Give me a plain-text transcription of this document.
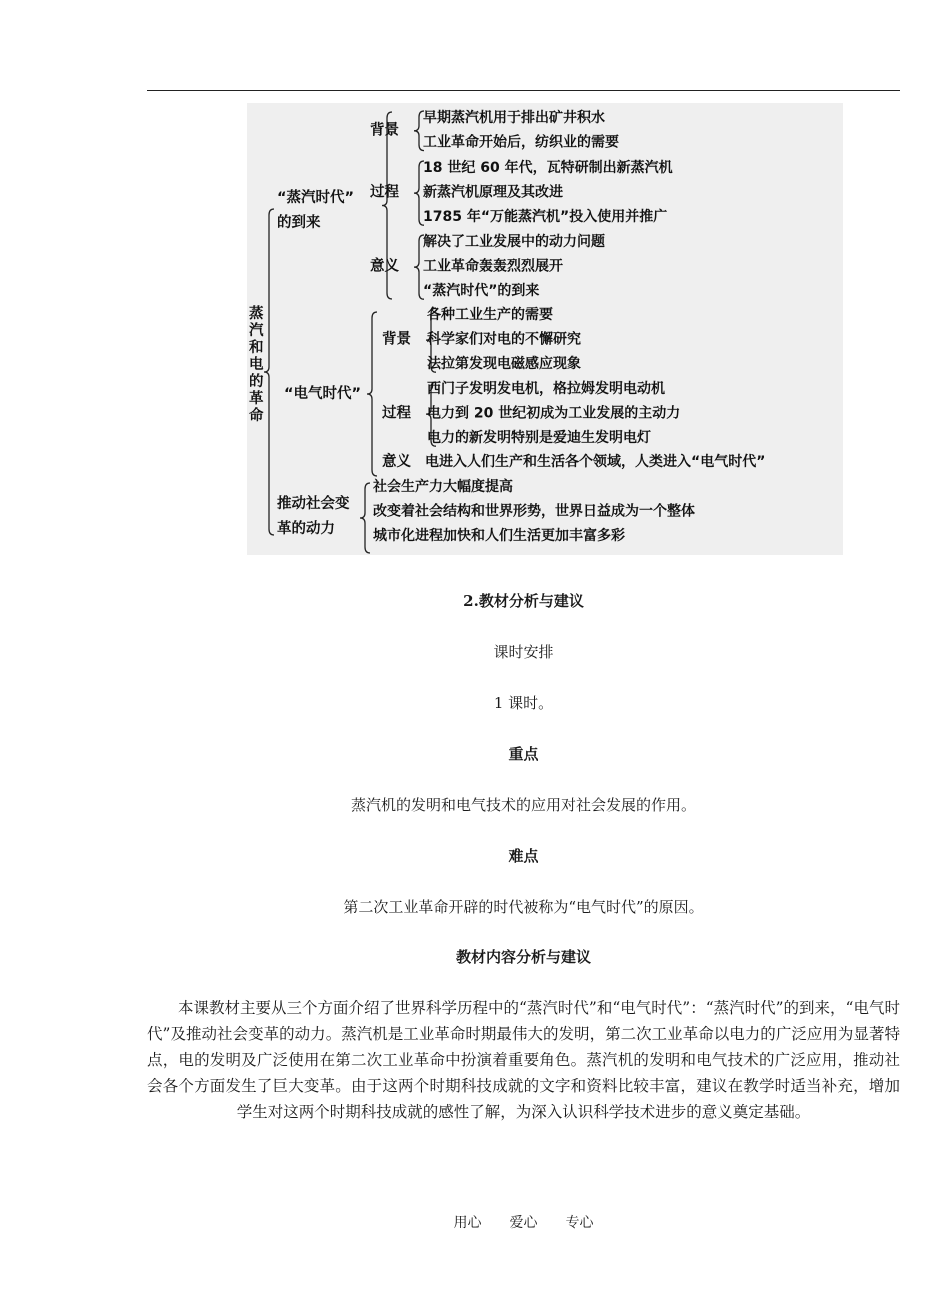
蒸
汽
和
电
的
革
命
“蒸汽时代”
的到来
背景
早期蒸汽机用于排出矿井积水
工业革命开始后，纺织业的需要
过程
18 世纪 60 年代，瓦特研制出新蒸汽机
新蒸汽机原理及其改进
1785 年“万能蒸汽机”投入使用并推广
意义
解决了工业发展中的动力问题
工业革命轰轰烈烈展开
“蒸汽时代”的到来
“电气时代”
背景
各种工业生产的需要
科学家们对电的不懈研究
法拉第发现电磁感应现象
过程
西门子发明发电机，格拉姆发明电动机
电力到 20 世纪初成为工业发展的主动力
电力的新发明特别是爱迪生发明电灯
意义 电进入人们生产和生活各个领域，人类进入“电气时代”
推动社会变
革的动力
社会生产力大幅度提高
改变着社会结构和世界形势，世界日益成为一个整体
城市化进程加快和人们生活更加丰富多彩
2.教材分析与建议
课时安排
1 课时。
重点
蒸汽机的发明和电气技术的应用对社会发展的作用。
难点
第二次工业革命开辟的时代被称为“电气时代”的原因。
教材内容分析与建议
本课教材主要从三个方面介绍了世界科学历程中的“蒸汽时代”和“电气时代”：“蒸汽时代”的到来，“电气时代”及推动社会变革的动力。蒸汽机是工业革命时期最伟大的发明，第二次工业革命以电力的广泛应用为显著特点，电的发明及广泛使用在第二次工业革命中扮演着重要角色。蒸汽机的发明和电气技术的广泛应用，推动社会各个方面发生了巨大变革。由于这两个时期科技成就的文字和资料比较丰富，建议在教学时适当补充，增加学生对这两个时期科技成就的感性了解，为深入认识科学技术进步的意义奠定基础。
用心　　爱心　　专心
